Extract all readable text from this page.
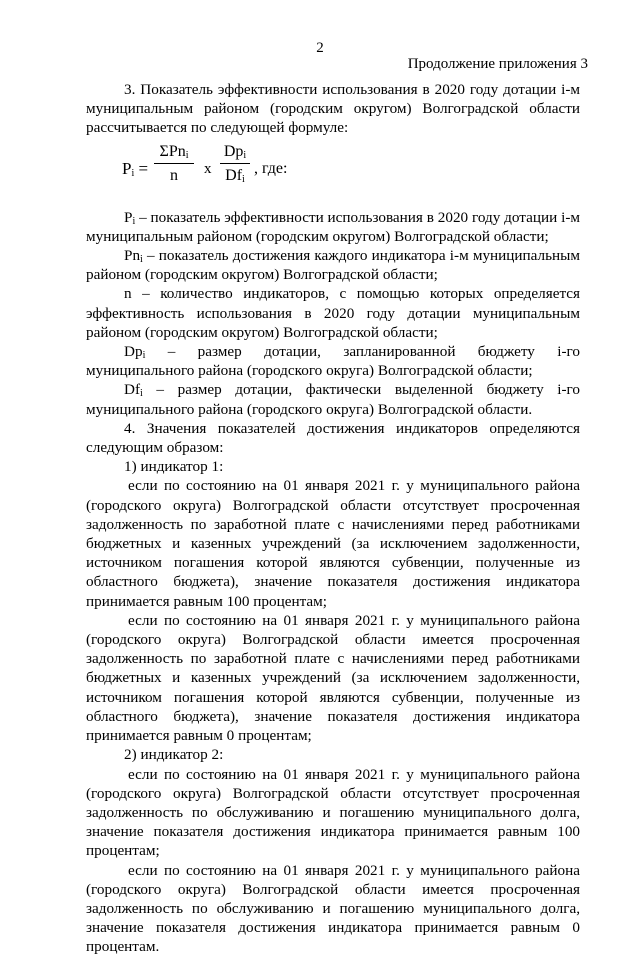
2
Продолжение приложения 3

3. Показатель эффективности использования в 2020 году дотации i-м муниципальным районом (городским округом) Волгоградской области рассчитывается по следующей формуле:

$P_i$ =
ΣPn$_i$
n	x
$Dp_i$
$Df_i$
, где:

$P_i$ – показатель эффективности использования в 2020 году дотации i-м муниципальным районом (городским округом) Волгоградской области;

$Pn_i$ – показатель достижения каждого индикатора i-м муниципальным районом (городским округом) Волгоградской области;

n – количество индикаторов, с помощью которых определяется эффективность использования в 2020 году дотации муниципальным районом (городским округом) Волгоградской области;

$Dp_i$ – размер дотации, запланированной бюджету i-го муниципального района (городского округа) Волгоградской области;

$Df_i$ – размер дотации, фактически выделенной бюджету i-го муниципального района (городского округа) Волгоградской области.

4. Значения показателей достижения индикаторов определяются следующим образом:

1) индикатор 1:

если по состоянию на 01 января 2021 г. у муниципального района (городского округа) Волгоградской области отсутствует просроченная задолженность по заработной плате с начислениями перед работниками бюджетных и казенных учреждений (за исключением задолженности, источником погашения которой являются субвенции, полученные из областного бюджета), значение показателя достижения индикатора принимается равным 100 процентам;

если по состоянию на 01 января 2021 г. у муниципального района (городского округа) Волгоградской области имеется просроченная задолженность по заработной плате с начислениями перед работниками бюджетных и казенных учреждений (за исключением задолженности, источником погашения которой являются субвенции, полученные из областного бюджета), значение показателя достижения индикатора принимается равным 0 процентам;

2) индикатор 2:

если по состоянию на 01 января 2021 г. у муниципального района (городского округа) Волгоградской области отсутствует просроченная задолженность по обслуживанию и погашению муниципального долга, значение показателя достижения индикатора принимается равным 100 процентам;

если по состоянию на 01 января 2021 г. у муниципального района (городского округа) Волгоградской области имеется просроченная задолженность по обслуживанию и погашению муниципального долга, значение показателя достижения индикатора принимается равным 0 процентам.
